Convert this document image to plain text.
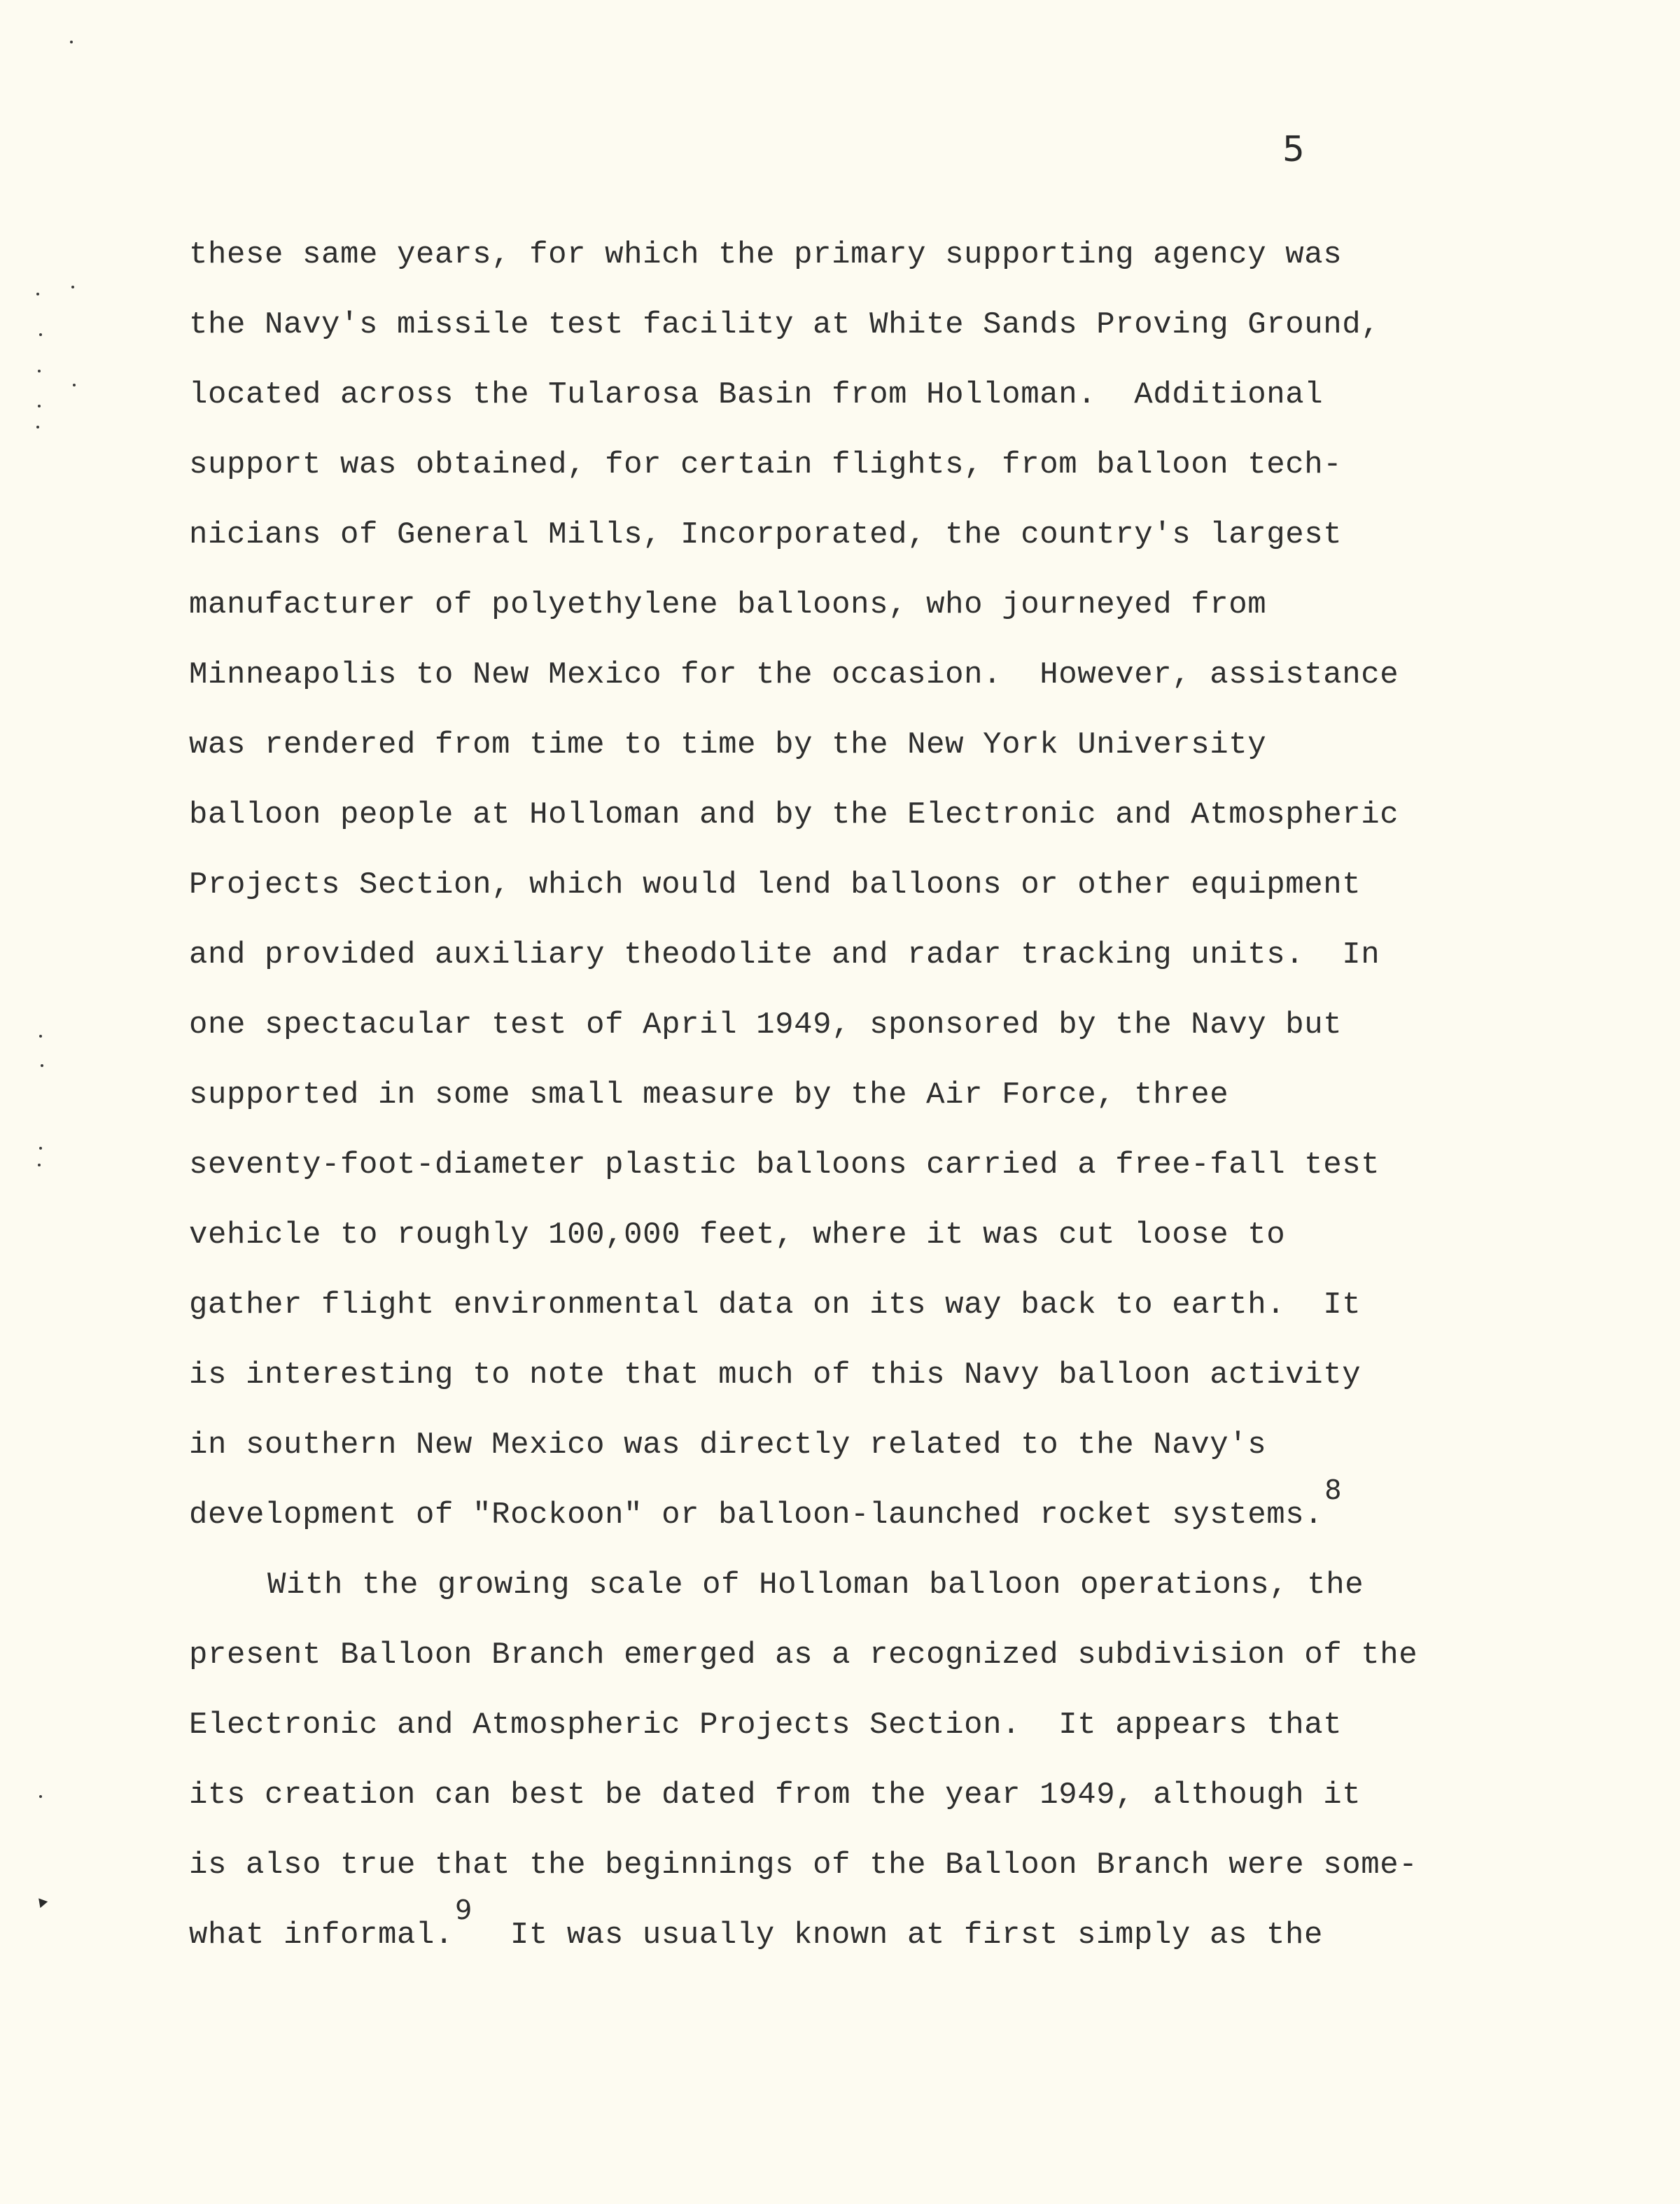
5
these same years, for which the primary supporting agency was
the Navy's missile test facility at White Sands Proving Ground,
located across the Tularosa Basin from Holloman.  Additional
support was obtained, for certain flights, from balloon tech-
nicians of General Mills, Incorporated, the country's largest
manufacturer of polyethylene balloons, who journeyed from
Minneapolis to New Mexico for the occasion.  However, assistance
was rendered from time to time by the New York University
balloon people at Holloman and by the Electronic and Atmospheric
Projects Section, which would lend balloons or other equipment
and provided auxiliary theodolite and radar tracking units.  In
one spectacular test of April 1949, sponsored by the Navy but
supported in some small measure by the Air Force, three
seventy-foot-diameter plastic balloons carried a free-fall test
vehicle to roughly 100,000 feet, where it was cut loose to
gather flight environmental data on its way back to earth.  It
is interesting to note that much of this Navy balloon activity
in southern New Mexico was directly related to the Navy's
development of "Rockoon" or balloon-launched rocket systems.8
With the growing scale of Holloman balloon operations, the
present Balloon Branch emerged as a recognized subdivision of the
Electronic and Atmospheric Projects Section.  It appears that
its creation can best be dated from the year 1949, although it
is also true that the beginnings of the Balloon Branch were some-
what informal.9  It was usually known at first simply as the
